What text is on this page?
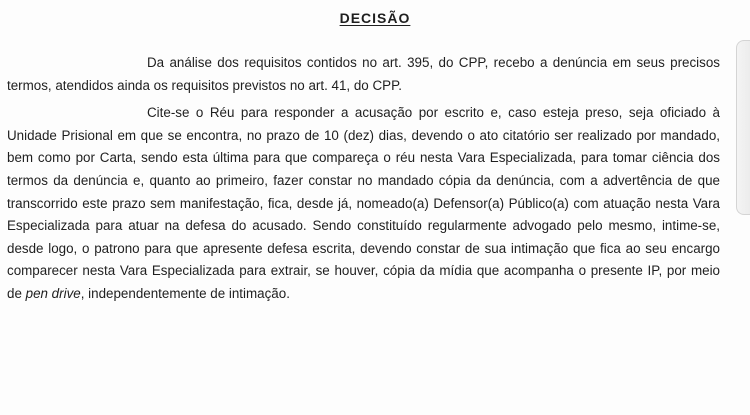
DECISÃO

Da análise dos requisitos contidos no art. 395, do CPP, recebo a denúncia em seus precisos termos, atendidos ainda os requisitos previstos no art. 41, do CPP.

Cite-se o Réu para responder a acusação por escrito e, caso esteja preso, seja oficiado à Unidade Prisional em que se encontra, no prazo de 10 (dez) dias, devendo o ato citatório ser realizado por mandado, bem como por Carta, sendo esta última para que compareça o réu nesta Vara Especializada, para tomar ciência dos termos da denúncia e, quanto ao primeiro, fazer constar no mandado cópia da denúncia, com a advertência de que transcorrido este prazo sem manifestação, fica, desde já, nomeado(a) Defensor(a) Público(a) com atuação nesta Vara Especializada para atuar na defesa do acusado. Sendo constituído regularmente advogado pelo mesmo, intime-se, desde logo, o patrono para que apresente defesa escrita, devendo constar de sua intimação que fica ao seu encargo comparecer nesta Vara Especializada para extrair, se houver, cópia da mídia que acompanha o presente IP, por meio de pen drive, independentemente de intimação.
